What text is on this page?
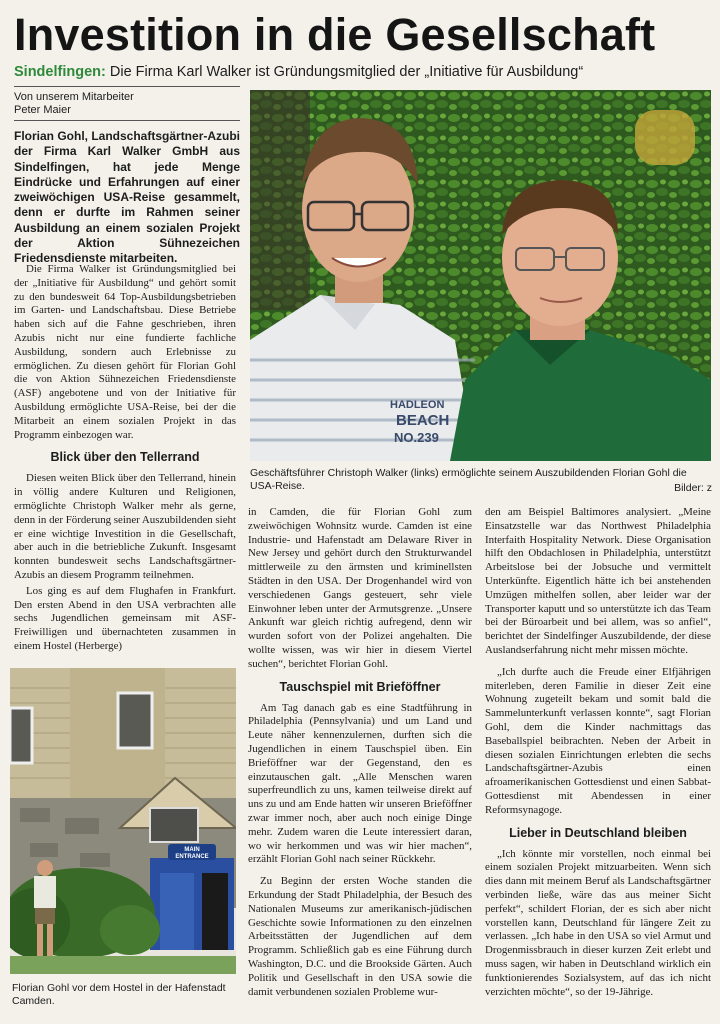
Investition in die Gesellschaft
Sindelfingen: Die Firma Karl Walker ist Gründungsmitglied der „Initiative für Ausbildung“
Von unserem Mitarbeiter
Peter Maier
Florian Gohl, Landschaftsgärtner-Azubi der Firma Karl Walker GmbH aus Sindelfingen, hat jede Menge Eindrücke und Erfahrungen auf einer zweiwöchigen USA-Reise gesammelt, denn er durfte im Rahmen seiner Ausbildung an einem sozialen Projekt der Aktion Sühnezeichen Friedensdienste mitarbeiten.

Die Firma Walker ist Gründungsmitglied bei der „Initiative für Ausbildung“ und gehört somit zu den bundesweit 64 Top-Ausbildungsbetrieben im Garten- und Landschaftsbau. Diese Betriebe haben sich auf die Fahne geschrieben, ihren Azubis nicht nur eine fundierte fachliche Ausbildung, sondern auch Erlebnisse zu ermöglichen. Zu diesen gehört für Florian Gohl die von Aktion Sühnezeichen Friedensdienste (ASF) angebotene und von der Initiative für Ausbildung ermöglichte USA-Reise, bei der die Mitarbeit an einem sozialen Projekt in das Programm einbezogen war.

Blick über den Tellerrand

Diesen weiten Blick über den Tellerrand, hinein in völlig andere Kulturen und Religionen, ermöglichte Christoph Walker mehr als gerne, denn in der Förderung seiner Auszubildenden sieht er eine wichtige Investition in die Gesellschaft, aber auch in die betriebliche Zukunft. Insgesamt konnten bundesweit sechs Landschaftsgärtner-Azubis an diesem Programm teilnehmen.

Los ging es auf dem Flughafen in Frankfurt. Den ersten Abend in den USA verbrachten alle sechs Jugendlichen gemeinsam mit ASF-Freiwilligen und übernachteten zusammen in einem Hostel (Herberge)

HADLEON
BEACH
NO.239
Geschäftsführer Christoph Walker (links) ermöglichte seinem Auszubildenden Florian Gohl die USA-Reise.	Bilder: z
MAIN
ENTRANCE
Florian Gohl vor dem Hostel in der Hafenstadt Camden.

in Camden, die für Florian Gohl zum zweiwöchigen Wohnsitz wurde. Camden ist eine Industrie- und Hafenstadt am Delaware River in New Jersey und gehört durch den Strukturwandel mittlerweile zu den ärmsten und kriminellsten Städten in den USA. Der Drogenhandel wird von verschiedenen Gangs gesteuert, sehr viele Einwohner leben unter der Armutsgrenze. „Unsere Ankunft war gleich richtig aufregend, denn wir wurden sofort von der Polizei angehalten. Die wollte wissen, was wir hier in diesem Viertel suchen“, berichtet Florian Gohl.

Tauschspiel mit Brieföffner

Am Tag danach gab es eine Stadtführung in Philadelphia (Pennsylvania) und um Land und Leute näher kennenzulernen, durften sich die Jugendlichen in einem Tauschspiel üben. Ein Brieföffner war der Gegenstand, den es einzutauschen galt. „Alle Menschen waren superfreundlich zu uns, kamen teilweise direkt auf uns zu und am Ende hatten wir unseren Brieföffner zwar immer noch, aber auch noch einige Dinge mehr. Zudem waren die Leute interessiert daran, wo wir herkommen und was wir hier machen“, erzählt Florian Gohl nach seiner Rückkehr.

Zu Beginn der ersten Woche standen die Erkundung der Stadt Philadelphia, der Besuch des Nationalen Museums zur amerikanisch-jüdischen Geschichte sowie Informationen zu den einzelnen Arbeitsstätten der Jugendlichen auf dem Programm. Schließlich gab es eine Führung durch Washington, D.C. und die Brookside Gärten. Auch Politik und Gesellschaft in den USA sowie die damit verbundenen sozialen Probleme wur-

den am Beispiel Baltimores analysiert. „Meine Einsatzstelle war das Northwest Philadelphia Interfaith Hospitality Network. Diese Organisation hilft den Obdachlosen in Philadelphia, unterstützt Arbeitslose bei der Jobsuche und vermittelt Unterkünfte. Eigentlich hätte ich bei anstehenden Umzügen mithelfen sollen, aber leider war der Transporter kaputt und so unterstützte ich das Team bei der Büroarbeit und bei allem, was so anfiel“, berichtet der Sindelfinger Auszubildende, der diese Auslandserfahrung nicht mehr missen möchte.

„Ich durfte auch die Freude einer Elfjährigen miterleben, deren Familie in dieser Zeit eine Wohnung zugeteilt bekam und somit bald die Sammelunterkunft verlassen konnte“, sagt Florian Gohl, dem die Kinder nachmittags das Baseballspiel beibrachten. Neben der Arbeit in diesen sozialen Einrichtungen erlebten die sechs Landschaftsgärtner-Azubis einen afroamerikanischen Gottesdienst und einen Sabbat-Gottesdienst mit Abendessen in einer Reformsynagoge.

Lieber in Deutschland bleiben

„Ich könnte mir vorstellen, noch einmal bei einem sozialen Projekt mitzuarbeiten. Wenn sich dies dann mit meinem Beruf als Landschaftsgärtner verbinden ließe, wäre das aus meiner Sicht perfekt“, schildert Florian, der es sich aber nicht vorstellen kann, Deutschland für längere Zeit zu verlassen. „Ich habe in den USA so viel Armut und Drogenmissbrauch in dieser kurzen Zeit erlebt und muss sagen, wir haben in Deutschland wirklich ein funktionierendes Sozialsystem, auf das ich nicht verzichten möchte“, so der 19-Jährige.
